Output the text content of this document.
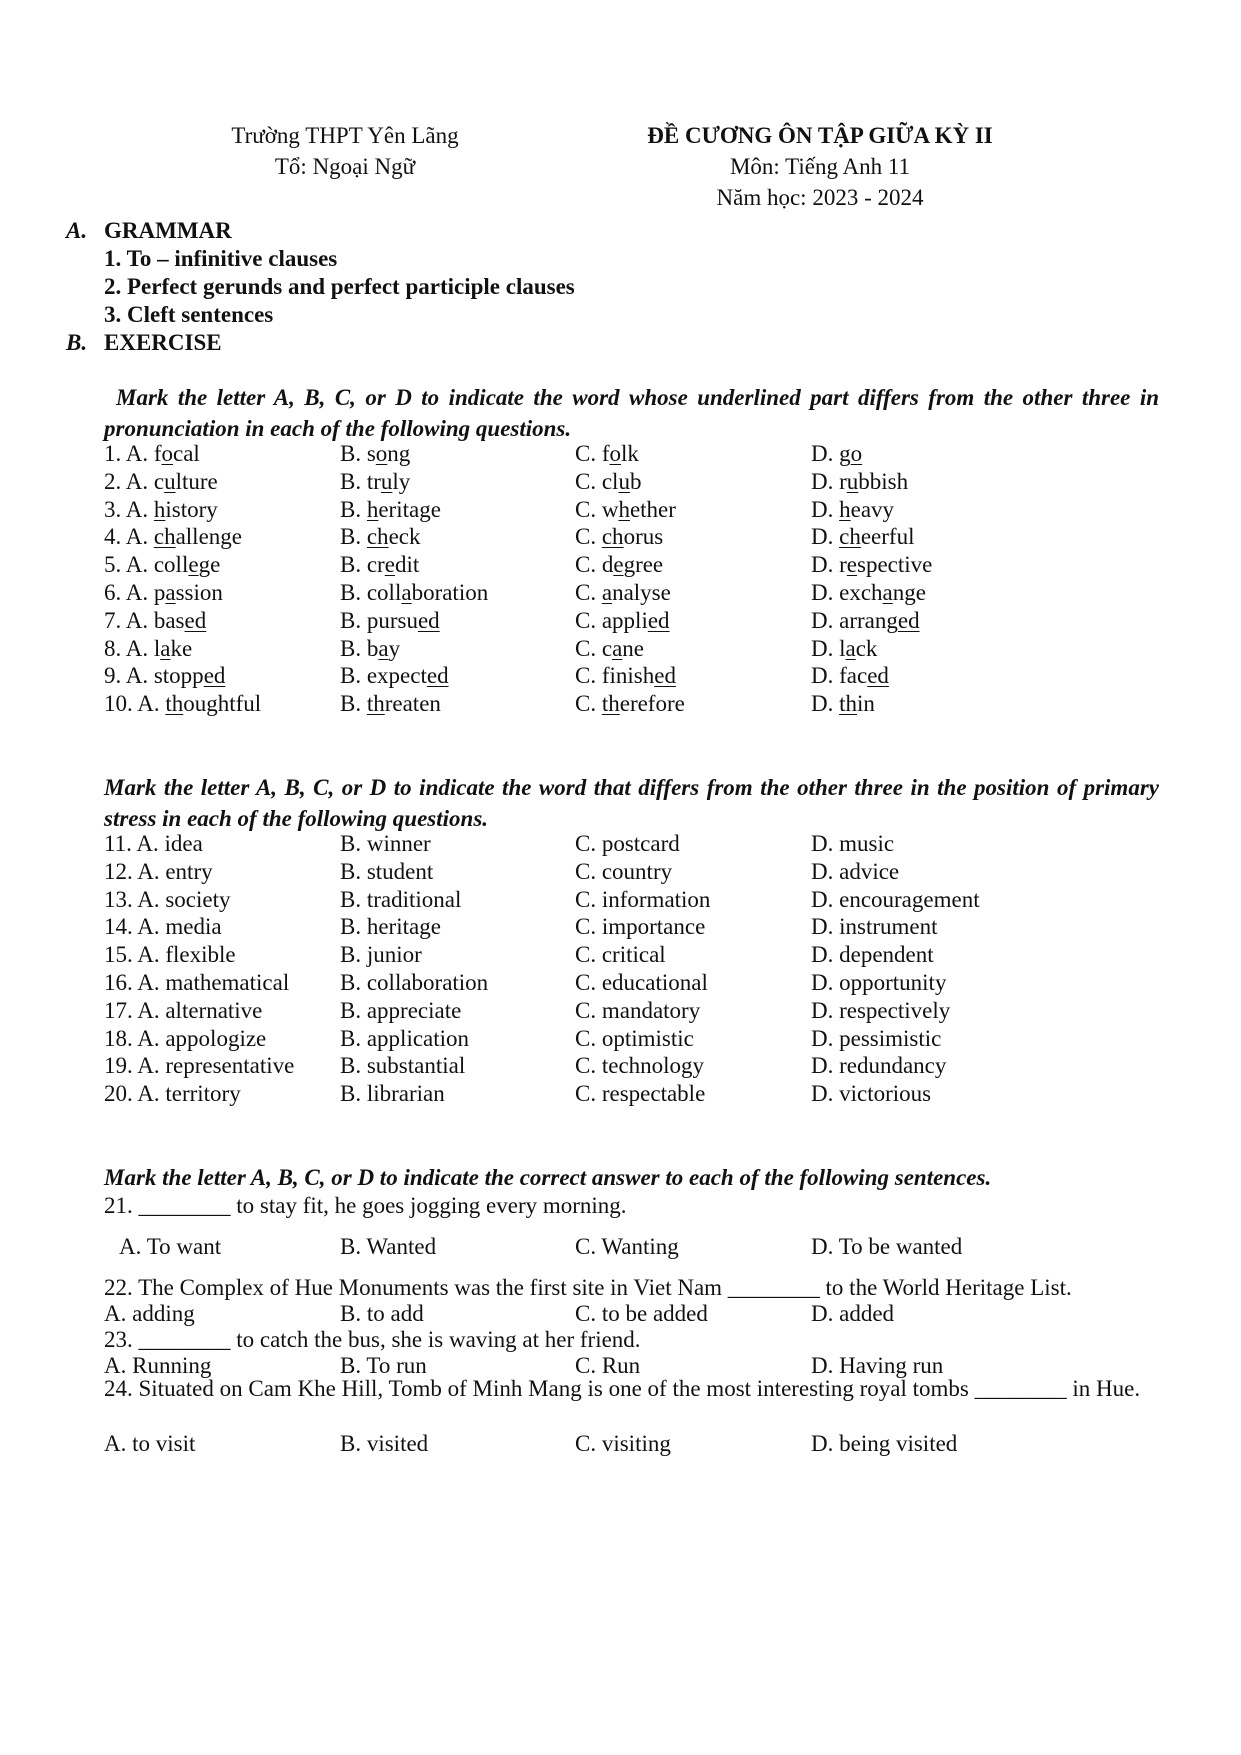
Trường THPT Yên Lãng
Tổ: Ngoại Ngữ
ĐỀ CƯƠNG ÔN TẬP GIỮA KỲ II
Môn: Tiếng Anh 11
Năm học: 2023 - 2024
A. GRAMMAR
1. To – infinitive clauses
2. Perfect gerunds and perfect participle clauses
3. Cleft sentences
B. EXERCISE
Mark the letter A, B, C, or D to indicate the word whose underlined part differs from the other three in pronunciation in each of the following questions.
1. A. focal	B. song	C. folk	D. go
2. A. culture	B. truly	C. club	D. rubbish
3. A. history	B. heritage	C. whether	D. heavy
4. A. challenge	B. check	C. chorus	D. cheerful
5. A. college	B. credit	C. degree	D. respective
6. A. passion	B. collaboration	C. analyse	D. exchange
7. A. based	B. pursued	C. applied	D. arranged
8. A. lake	B. bay	C. cane	D. lack
9. A. stopped	B. expected	C. finished	D. faced
10. A. thoughtful	B. threaten	C. therefore	D. thin
Mark the letter A, B, C, or D to indicate the word that differs from the other three in the position of primary stress in each of the following questions.
11. A. idea	B. winner	C. postcard	D. music
12. A. entry	B. student	C. country	D. advice
13. A. society	B. traditional	C. information	D. encouragement
14. A. media	B. heritage	C. importance	D. instrument
15. A. flexible	B. junior	C. critical	D. dependent
16. A. mathematical B. collaboration	C. educational	D. opportunity
17. A. alternative	B. appreciate	C. mandatory	D. respectively
18. A. appologize	B. application	C. optimistic	D. pessimistic
19. A. representative B. substantial	C. technology	D. redundancy
20. A. territory	B. librarian	C. respectable	D. victorious
Mark the letter A, B, C, or D to indicate the correct answer to each of the following sentences.
21. ________ to stay fit, he goes jogging every morning.
A. To want	B. Wanted	C. Wanting	D. To be wanted
22. The Complex of Hue Monuments was the first site in Viet Nam ________ to the World Heritage List.
A. adding	B. to add	C. to be added	D. added
23. ________ to catch the bus, she is waving at her friend.
A. Running	B. To run	C. Run	D. Having run
24. Situated on Cam Khe Hill, Tomb of Minh Mang is one of the most interesting royal tombs ________ in Hue.
A. to visit	B. visited	C. visiting	D. being visited
